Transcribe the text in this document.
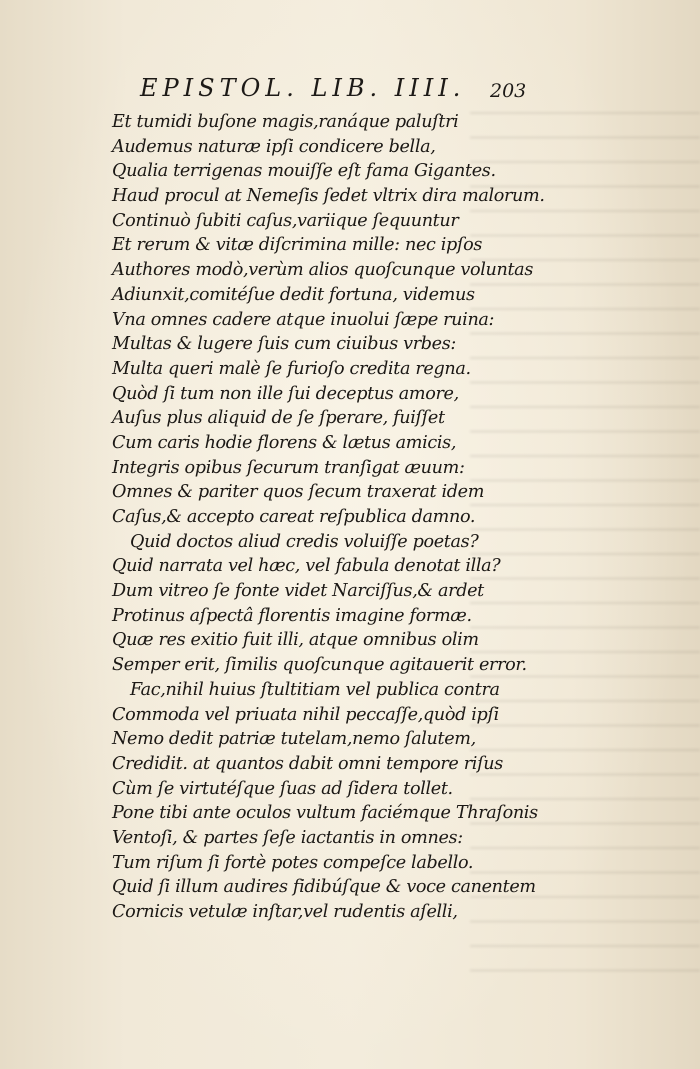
EPISTOL. LIB. IIII. 203
Et tumidi buſone magis,ranáque paluſtri
Audemus naturæ ipſi condicere bella,
Qualia terrigenas mouiſſe eſt fama Gigantes.
Haud procul at Nemeſis ſedet vltrix dira malorum.
Continuò ſubiti caſus,variique ſequuntur
Et rerum & vitæ diſcrimina mille: nec ipſos
Authores modò,verùm alios quoſcunque voluntas
Adiunxit,comitéſue dedit fortuna, videmus
Vna omnes cadere atque inuolui ſæpe ruina:
Multas & lugere ſuis cum ciuibus vrbes:
Multa queri malè ſe furioſo credita regna.
Quòd ſi tum non ille ſui deceptus amore,
Auſus plus aliquid de ſe ſperare, fuiſſet
Cum caris hodie florens & lætus amicis,
Integris opibus ſecurum tranſigat æuum:
Omnes & pariter quos ſecum traxerat idem
Caſus,& accepto careat reſpublica damno.
Quid doctos aliud credis voluiſſe poetas?
Quid narrata vel hæc, vel fabula denotat illa?
Dum vitreo ſe fonte videt Narciſſus,& ardet
Protinus aſpectâ florentis imagine formæ.
Quæ res exitio fuit illi, atque omnibus olim
Semper erit, ſimilis quoſcunque agitauerit error.
Fac,nihil huius ſtultitiam vel publica contra
Commoda vel priuata nihil peccaſſe,quòd ipſi
Nemo dedit patriæ tutelam,nemo ſalutem,
Credidit. at quantos dabit omni tempore riſus
Cùm ſe virtutéſque ſuas ad ſidera tollet.
Pone tibi ante oculos vultum faciémque Thraſonis
Ventoſi, & partes ſeſe iactantis in omnes:
Tum riſum ſi fortè potes compeſce labello.
Quid ſi illum audires fidibúſque & voce canentem
Cornicis vetulæ inſtar,vel rudentis aſelli,
